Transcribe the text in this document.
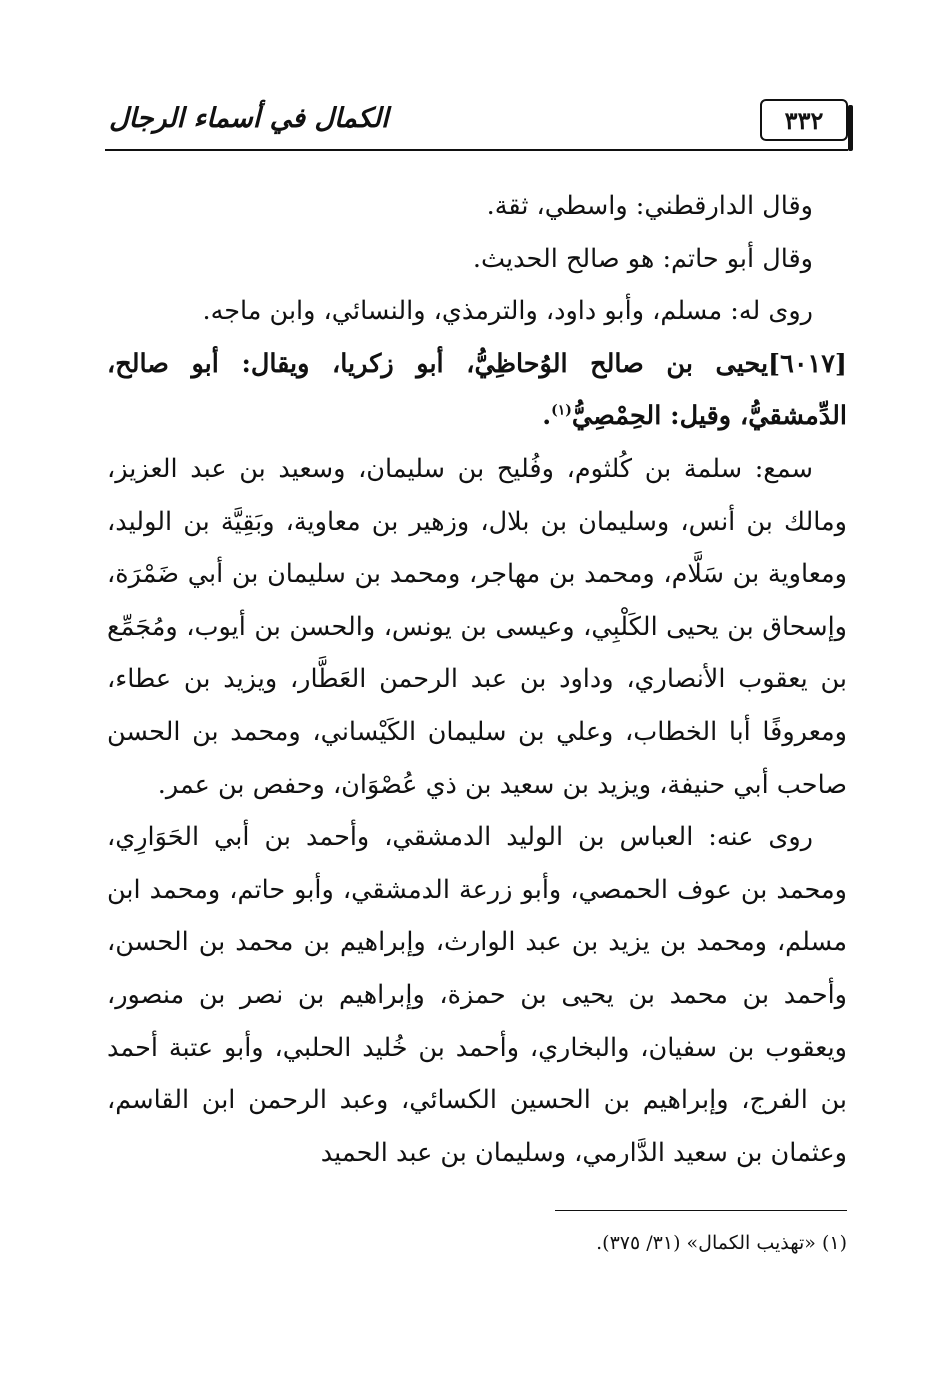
٣٣٢
الكمال في أسماء الرجال

وقال الدارقطني: واسطي، ثقة.

وقال أبو حاتم: هو صالح الحديث.

روى له: مسلم، وأبو داود، والترمذي، والنسائي، وابن ماجه.

[٦٠١٧]يحيى بن صالح الوُحاظِيُّ، أبو زكريا، ويقال: أبو صالح، الدِّمشقيُّ، وقيل: الحِمْصِيُّ$^{(١)}$.

سمع: سلمة بن كُلثوم، وفُليح بن سليمان، وسعيد بن عبد العزيز، ومالك بن أنس، وسليمان بن بلال، وزهير بن معاوية، وبَقِيَّة بن الوليد، ومعاوية بن سَلَّام، ومحمد بن مهاجر، ومحمد بن سليمان بن أبي ضَمْرَة، وإسحاق بن يحيى الكَلْبِي، وعيسى بن يونس، والحسن بن أيوب، ومُجَمِّع بن يعقوب الأنصاري، وداود بن عبد الرحمن العَطَّار، ويزيد بن عطاء، ومعروفًا أبا الخطاب، وعلي بن سليمان الكَيْساني، ومحمد بن الحسن صاحب أبي حنيفة، ويزيد بن سعيد بن ذي عُصْوَان، وحفص بن عمر.

روى عنه: العباس بن الوليد الدمشقي، وأحمد بن أبي الحَوَارِي، ومحمد بن عوف الحمصي، وأبو زرعة الدمشقي، وأبو حاتم، ومحمد ابن مسلم، ومحمد بن يزيد بن عبد الوارث، وإبراهيم بن محمد بن الحسن، وأحمد بن محمد بن يحيى بن حمزة، وإبراهيم بن نصر بن منصور، ويعقوب بن سفيان، والبخاري، وأحمد بن خُليد الحلبي، وأبو عتبة أحمد بن الفرج، وإبراهيم بن الحسين الكسائي، وعبد الرحمن ابن القاسم، وعثمان بن سعيد الدَّارمي، وسليمان بن عبد الحميد

(١) «تهذيب الكمال» (٣١/ ٣٧٥).
